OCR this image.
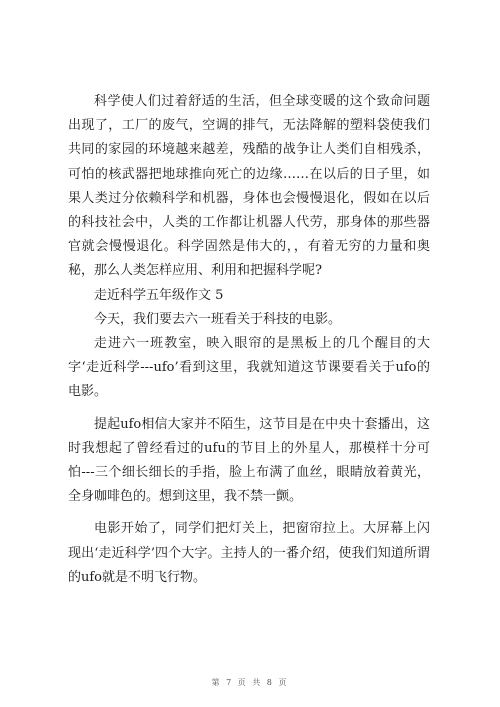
科学使人们过着舒适的生活，但全球变暖的这个致命问题出现了，工厂的废气，空调的排气，无法降解的塑料袋使我们共同的家园的环境越来越差，残酷的战争让人类们自相残杀，可怕的核武器把地球推向死亡的边缘……在以后的日子里，如果人类过分依赖科学和机器，身体也会慢慢退化，假如在以后的科技社会中，人类的工作都让机器人代劳，那身体的那些器官就会慢慢退化。科学固然是伟大的，，有着无穷的力量和奥秘，那么人类怎样应用、利用和把握科学呢?

走近科学五年级作文 5

今天，我们要去六一班看关于科技的电影。

走进六一班教室，映入眼帘的是黑板上的几个醒目的大字‘走近科学---ufo’看到这里，我就知道这节课要看关于ufo的电影。

提起ufo相信大家并不陌生，这节目是在中央十套播出，这时我想起了曾经看过的ufu的节目上的外星人，那模样十分可怕---三个细长细长的手指，脸上布满了血丝，眼睛放着黄光，全身咖啡色的。想到这里，我不禁一颤。

电影开始了，同学们把灯关上，把窗帘拉上。大屏幕上闪现出‘走近科学’四个大字。主持人的一番介绍，使我们知道所谓的ufo就是不明飞行物。

第 7 页 共 8 页
